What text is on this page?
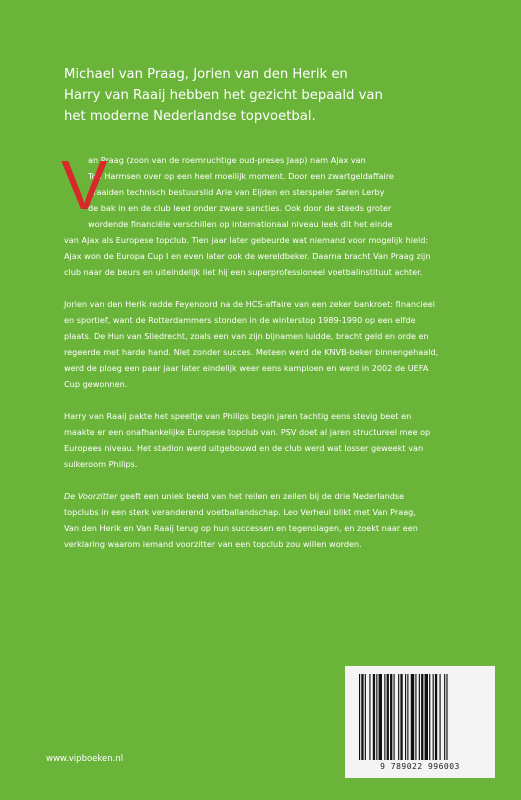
Michael van Praag, Jorien van den Herik en
Harry van Raaij hebben het gezicht bepaald van
het moderne Nederlandse topvoetbal.
V
an Praag (zoon van de roemruchtige oud-preses Jaap) nam Ajax van
Ton Harmsen over op een heel moeilijk moment. Door een zwartgeldaffaire
draaiden technisch bestuurslid Arie van Eijden en sterspeler Søren Lerby
de bak in en de club leed onder zware sancties. Ook door de steeds groter
wordende financiële verschillen op internationaal niveau leek dit het einde
van Ajax als Europese topclub. Tien jaar later gebeurde wat niemand voor mogelijk hield:
Ajax won de Europa Cup I en even later ook de wereldbeker. Daarna bracht Van Praag zijn
club naar de beurs en uiteindelijk liet hij een superprofessioneel voetbalinstituut achter.
Jorien van den Herik redde Feyenoord na de HCS-affaire van een zeker bankroet: financieel
en sportief, want de Rotterdammers stonden in de winterstop 1989-1990 op een elfde
plaats. De Hun van Sliedrecht, zoals een van zijn bijnamen luidde, bracht geld en orde en
regeerde met harde hand. Niet zonder succes. Meteen werd de KNVB-beker binnengehaald,
werd de ploeg een paar jaar later eindelijk weer eens kampioen en werd in 2002 de UEFA
Cup gewonnen.
Harry van Raaij pakte het speeltje van Philips begin jaren tachtig eens stevig beet en
maakte er een onafhankelijke Europese topclub van. PSV doet al jaren structureel mee op
Europees niveau. Het stadion werd uitgebouwd en de club werd wat losser geweekt van
suikeroom Philips.
De Voorzitter geeft een uniek beeld van het reilen en zeilen bij de drie Nederlandse
topclubs in een sterk veranderend voetballandschap. Leo Verheul blikt met Van Praag,
Van den Herik en Van Raaij terug op hun successen en tegenslagen, en zoekt naar een
verklaring waarom iemand voorzitter van een topclub zou willen worden.
9 789022 996003
www.vipboeken.nl
